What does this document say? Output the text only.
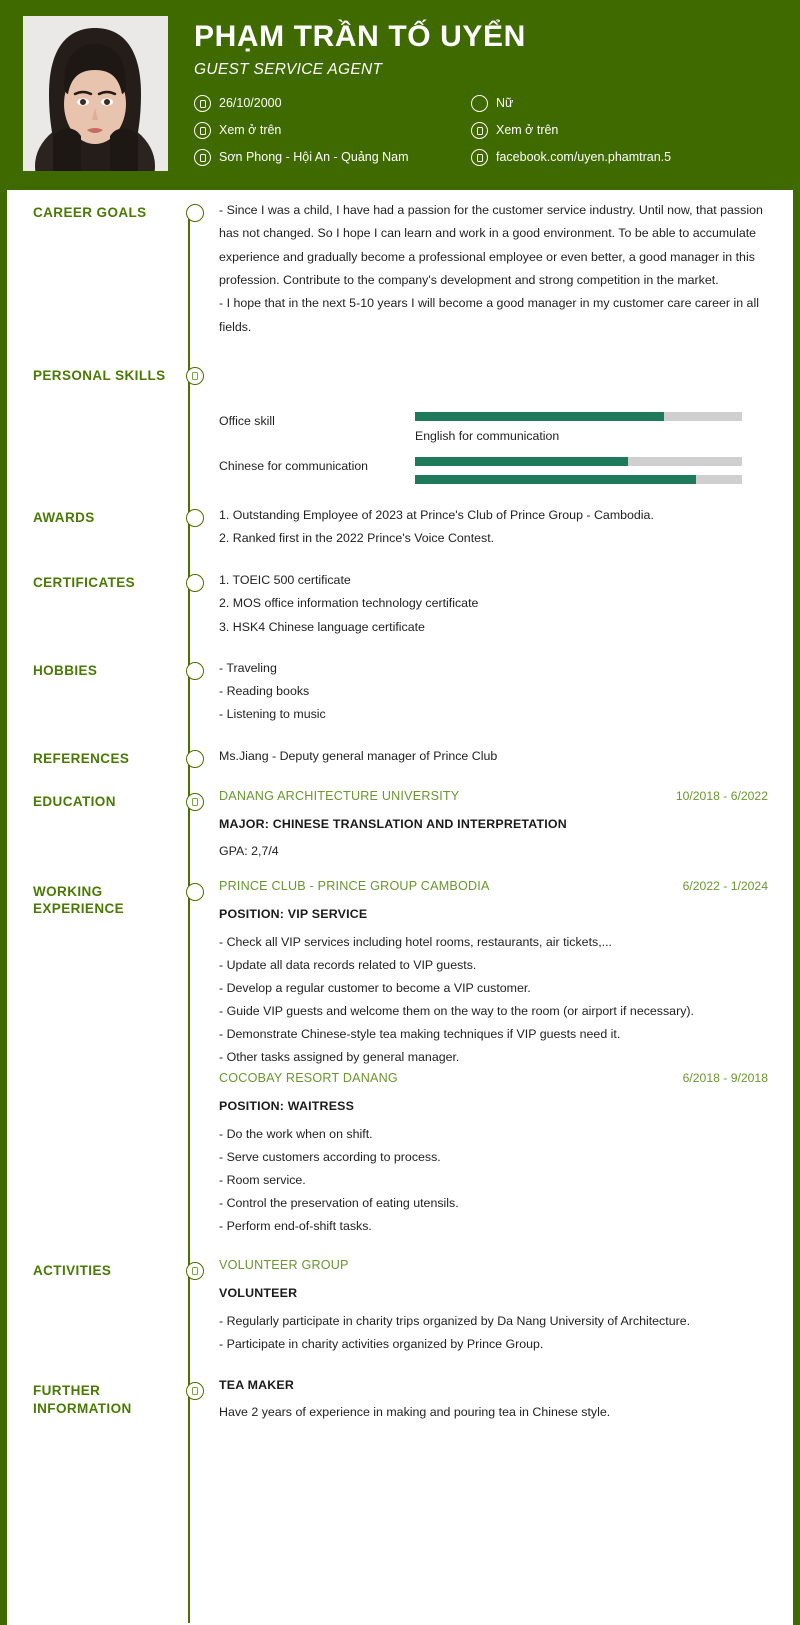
PHẠM TRẦN TỐ UYỂN
GUEST SERVICE AGENT
26/10/2000	Nữ
Xem ở trên	Xem ở trên
Sơn Phong - Hội An - Quảng Nam	facebook.com/uyen.phamtran.5
CAREER GOALS	- Since I was a child, I have had a passion for the customer service industry. Until now, that passion has not changed. So I hope I can learn and work in a good environment. To be able to accumulate experience and gradually become a professional employee or even better, a good manager in this profession. Contribute to the company's development and strong competition in the market.
- I hope that in the next 5-10 years I will become a good manager in my customer care career in all fields.
PERSONAL SKILLS
Office skill
English for communication
Chinese for communication
AWARDS	1. Outstanding Employee of 2023 at Prince's Club of Prince Group - Cambodia.
2. Ranked first in the 2022 Prince's Voice Contest.
CERTIFICATES	1. TOEIC 500 certificate
2. MOS office information technology certificate
3. HSK4 Chinese language certificate
HOBBIES	- Traveling
- Reading books
- Listening to music
REFERENCES	Ms.Jiang - Deputy general manager of Prince Club
EDUCATION	DANANG ARCHITECTURE UNIVERSITY	10/2018 - 6/2022
MAJOR: CHINESE TRANSLATION AND INTERPRETATION
GPA: 2,7/4
WORKING EXPERIENCE
PRINCE CLUB - PRINCE GROUP CAMBODIA	6/2022 - 1/2024
POSITION: VIP SERVICE
- Check all VIP services including hotel rooms, restaurants, air tickets,...
- Update all data records related to VIP guests.
- Develop a regular customer to become a VIP customer.
- Guide VIP guests and welcome them on the way to the room (or airport if necessary).
- Demonstrate Chinese-style tea making techniques if VIP guests need it.
- Other tasks assigned by general manager.
COCOBAY RESORT DANANG	6/2018 - 9/2018
POSITION: WAITRESS
- Do the work when on shift.
- Serve customers according to process.
- Room service.
- Control the preservation of eating utensils.
- Perform end-of-shift tasks.
ACTIVITIES	VOLUNTEER GROUP
VOLUNTEER
- Regularly participate in charity trips organized by Da Nang University of Architecture.
- Participate in charity activities organized by Prince Group.
FURTHER INFORMATION
TEA MAKER
Have 2 years of experience in making and pouring tea in Chinese style.
